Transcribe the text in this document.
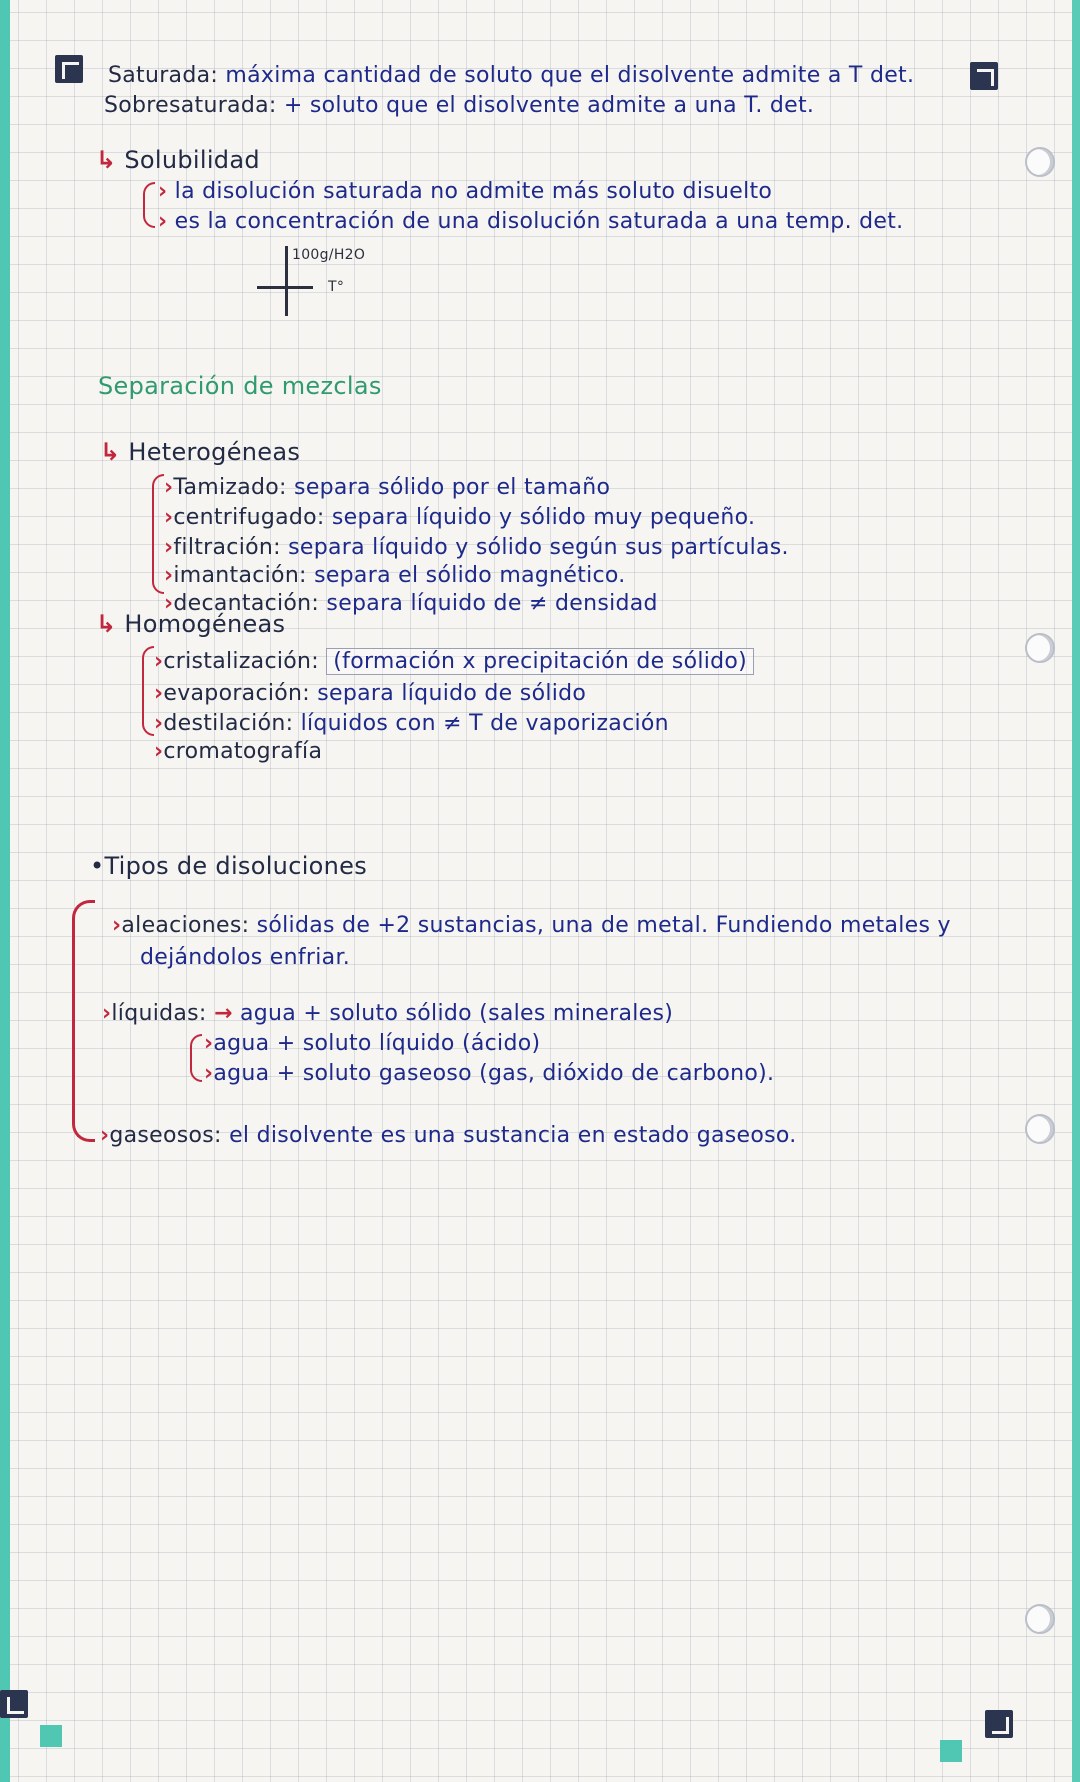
Saturada: máxima cantidad de soluto que el disolvente admite a T det.
Sobresaturada: + soluto que el disolvente admite a una T. det.
↳ Solubilidad
› la disolución saturada no admite más soluto disuelto
› es la concentración de una disolución saturada a una temp. det.
100g/H2O
T°
Separación de mezclas
↳ Heterogéneas
›Tamizado: separa sólido por el tamaño
›centrifugado: separa líquido y sólido muy pequeño.
›filtración: separa líquido y sólido según sus partículas.
›imantación: separa el sólido magnético.
›decantación: separa líquido de ≠ densidad
↳ Homogéneas
›cristalización: (formación x precipitación de sólido)
›evaporación: separa líquido de sólido
›destilación: líquidos con ≠ T de vaporización
›cromatografía
•Tipos de disoluciones
›aleaciones: sólidas de +2 sustancias, una de metal. Fundiendo metales y
dejándolos enfriar.
›líquidas: → agua + soluto sólido (sales minerales)
›agua + soluto líquido (ácido)
›agua + soluto gaseoso (gas, dióxido de carbono).
›gaseosos: el disolvente es una sustancia en estado gaseoso.
